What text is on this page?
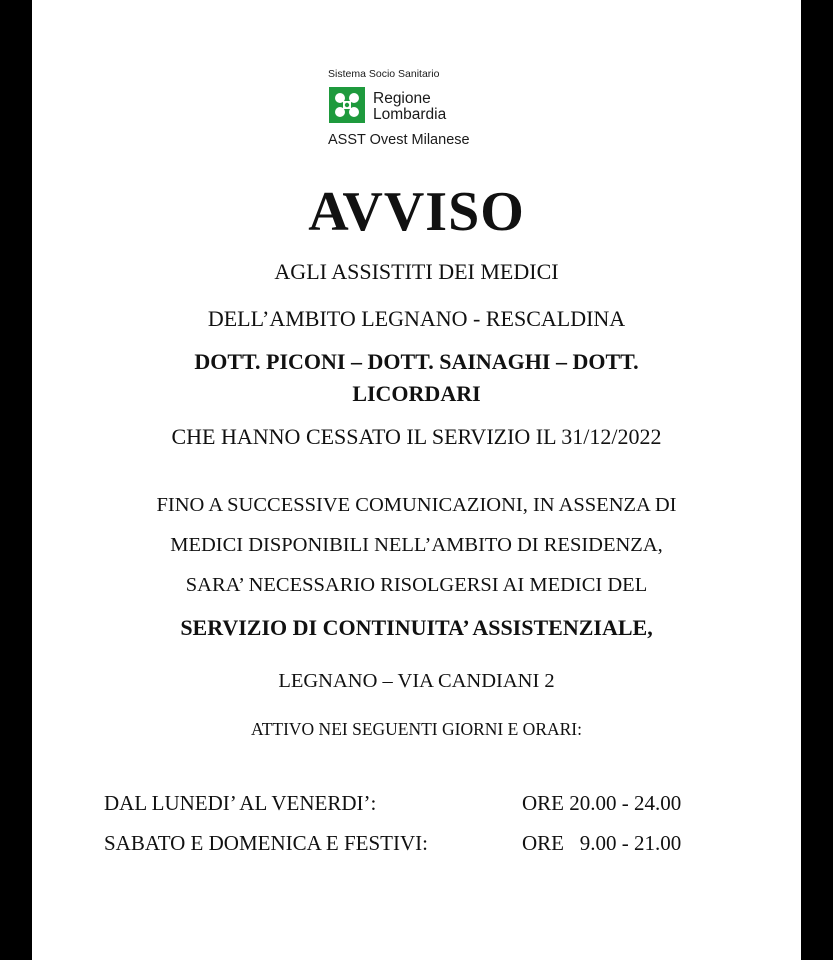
Sistema Socio Sanitario
Regione
Lombardia
ASST Ovest Milanese
AVVISO
AGLI ASSISTITI DEI MEDICI
DELL’AMBITO LEGNANO - RESCALDINA
DOTT. PICONI – DOTT. SAINAGHI – DOTT.
LICORDARI
CHE HANNO CESSATO IL SERVIZIO IL 31/12/2022
FINO A SUCCESSIVE COMUNICAZIONI, IN ASSENZA DI
MEDICI DISPONIBILI NELL’AMBITO DI RESIDENZA,
SARA’ NECESSARIO RISOLGERSI AI MEDICI DEL
SERVIZIO DI CONTINUITA’ ASSISTENZIALE,
LEGNANO – VIA CANDIANI 2
ATTIVO NEI SEGUENTI GIORNI E ORARI:
DAL LUNEDI’ AL VENERDI’:	ORE 20.00 - 24.00
SABATO E DOMENICA E FESTIVI:	ORE   9.00 - 21.00
